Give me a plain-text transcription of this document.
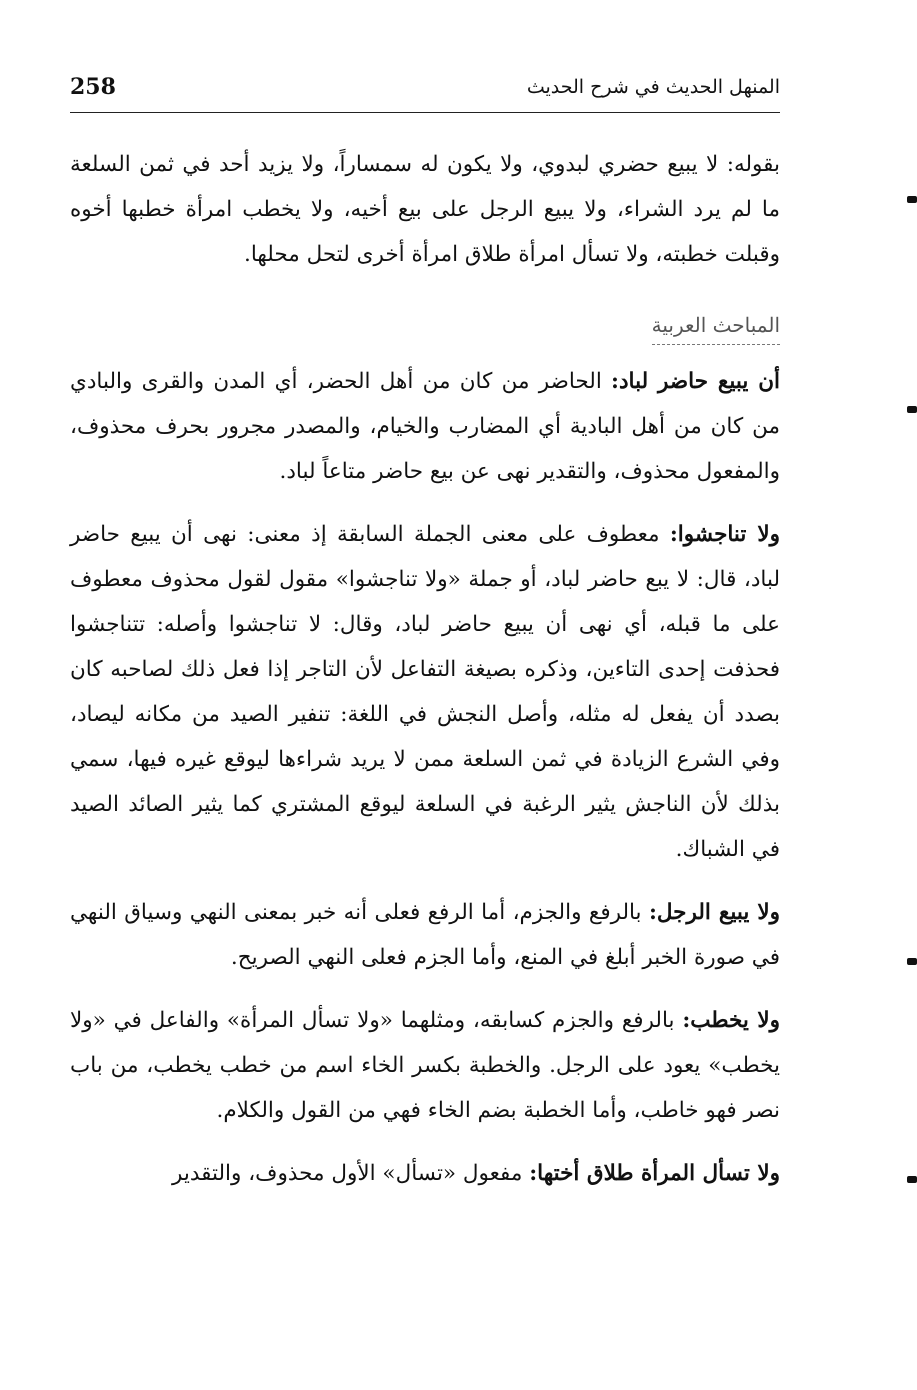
258	المنهل الحديث في شرح الحديث

بقوله: لا يبيع حضري لبدوي، ولا يكون له سمساراً، ولا يزيد أحد في ثمن السلعة ما لم يرد الشراء، ولا يبيع الرجل على بيع أخيه، ولا يخطب امرأة خطبها أخوه وقبلت خطبته، ولا تسأل امرأة طلاق امرأة أخرى لتحل محلها.

المباحث العربية

أن يبيع حاضر لباد: الحاضر من كان من أهل الحضر، أي المدن والقرى والبادي من كان من أهل البادية أي المضارب والخيام، والمصدر مجرور بحرف محذوف، والمفعول محذوف، والتقدير نهى عن بيع حاضر متاعاً لباد.

ولا تناجشوا: معطوف على معنى الجملة السابقة إذ معنى: نهى أن يبيع حاضر لباد، قال: لا يبع حاضر لباد، أو جملة «ولا تناجشوا» مقول لقول محذوف معطوف على ما قبله، أي نهى أن يبيع حاضر لباد، وقال: لا تناجشوا وأصله: تتناجشوا فحذفت إحدى التاءين، وذكره بصيغة التفاعل لأن التاجر إذا فعل ذلك لصاحبه كان بصدد أن يفعل له مثله، وأصل النجش في اللغة: تنفير الصيد من مكانه ليصاد، وفي الشرع الزيادة في ثمن السلعة ممن لا يريد شراءها ليوقع غيره فيها، سمي بذلك لأن الناجش يثير الرغبة في السلعة ليوقع المشتري كما يثير الصائد الصيد في الشباك.

ولا يبيع الرجل: بالرفع والجزم، أما الرفع فعلى أنه خبر بمعنى النهي وسياق النهي في صورة الخبر أبلغ في المنع، وأما الجزم فعلى النهي الصريح.

ولا يخطب: بالرفع والجزم كسابقه، ومثلهما «ولا تسأل المرأة» والفاعل في «ولا يخطب» يعود على الرجل. والخطبة بكسر الخاء اسم من خطب يخطب، من باب نصر فهو خاطب، وأما الخطبة بضم الخاء فهي من القول والكلام.

ولا تسأل المرأة طلاق أختها: مفعول «تسأل» الأول محذوف، والتقدير
